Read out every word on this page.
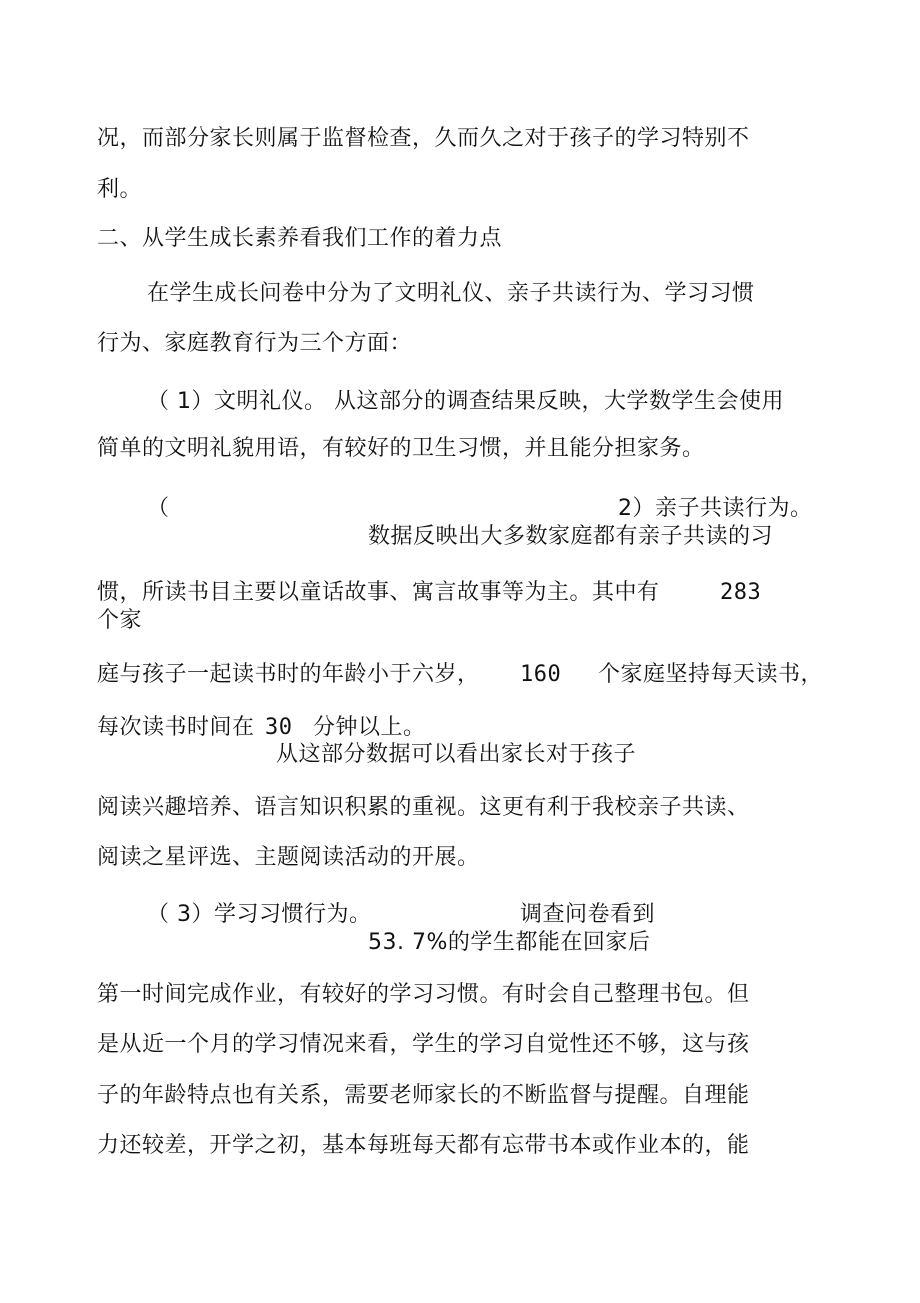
况，而部分家长则属于监督检查，久而久之对于孩子的学习特别不
利。
二、从学生成长素养看我们工作的着力点
在学生成长问卷中分为了文明礼仪、亲子共读行为、学习习惯
行为、家庭教育行为三个方面：
（ 1）文明礼仪。 从这部分的调查结果反映，大学数学生会使用
简单的文明礼貌用语，有较好的卫生习惯，并且能分担家务。
（	2）亲子共读行为。
数据反映出大多数家庭都有亲子共读的习
惯，所读书目主要以童话故事、寓言故事等为主。其中有	283
个家
庭与孩子一起读书时的年龄小于六岁， 160 个家庭坚持每天读书，
每次读书时间在 30 分钟以上。
从这部分数据可以看出家长对于孩子
阅读兴趣培养、语言知识积累的重视。这更有利于我校亲子共读、
阅读之星评选、主题阅读活动的开展。
（ 3）学习习惯行为。	调查问卷看到
53. 7%的学生都能在回家后
第一时间完成作业，有较好的学习习惯。有时会自己整理书包。但
是从近一个月的学习情况来看，学生的学习自觉性还不够，这与孩
子的年龄特点也有关系，需要老师家长的不断监督与提醒。自理能
力还较差，开学之初，基本每班每天都有忘带书本或作业本的，能
